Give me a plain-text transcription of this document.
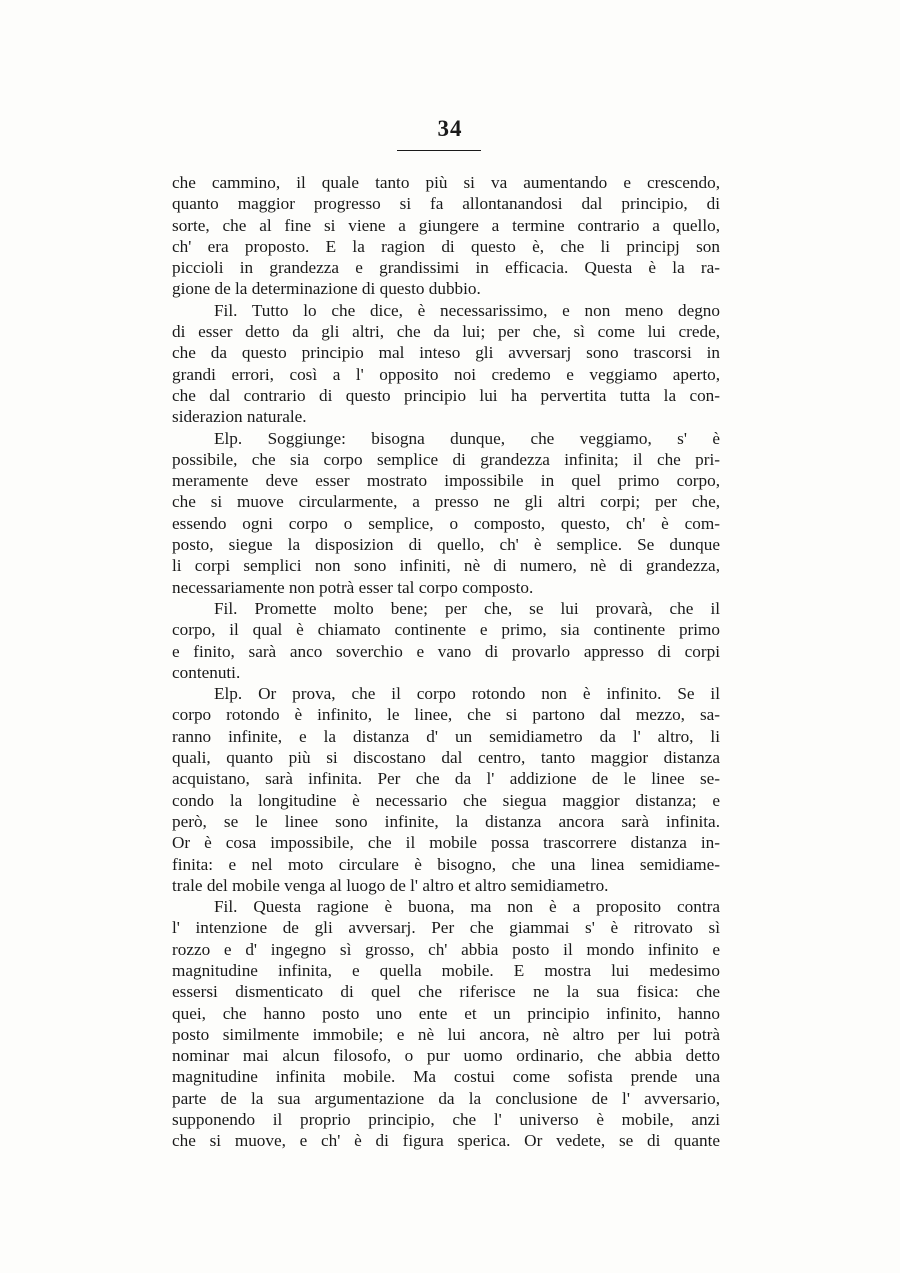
34
che cammino, il quale tanto più si va aumentando e crescendo,
quanto maggior progresso si fa allontanandosi dal principio, di
sorte, che al fine si viene a giungere a termine contrario a quello,
ch' era proposto. E la ragion di questo è, che li principj son
piccioli in grandezza e grandissimi in efficacia. Questa è la ra-
gione de la determinazione di questo dubbio.
Fil. Tutto lo che dice, è necessarissimo, e non meno degno
di esser detto da gli altri, che da lui; per che, sì come lui crede,
che da questo principio mal inteso gli avversarj sono trascorsi in
grandi errori, così a l' opposito noi credemo e veggiamo aperto,
che dal contrario di questo principio lui ha pervertita tutta la con-
siderazion naturale.
Elp. Soggiunge: bisogna dunque, che veggiamo, s' è
possibile, che sia corpo semplice di grandezza infinita; il che pri-
meramente deve esser mostrato impossibile in quel primo corpo,
che si muove circularmente, a presso ne gli altri corpi; per che,
essendo ogni corpo o semplice, o composto, questo, ch' è com-
posto, siegue la disposizion di quello, ch' è semplice. Se dunque
li corpi semplici non sono infiniti, nè di numero, nè di grandezza,
necessariamente non potrà esser tal corpo composto.
Fil. Promette molto bene; per che, se lui provarà, che il
corpo, il qual è chiamato continente e primo, sia continente primo
e finito, sarà anco soverchio e vano di provarlo appresso di corpi
contenuti.
Elp. Or prova, che il corpo rotondo non è infinito. Se il
corpo rotondo è infinito, le linee, che si partono dal mezzo, sa-
ranno infinite, e la distanza d' un semidiametro da l' altro, li
quali, quanto più si discostano dal centro, tanto maggior distanza
acquistano, sarà infinita. Per che da l' addizione de le linee se-
condo la longitudine è necessario che siegua maggior distanza; e
però, se le linee sono infinite, la distanza ancora sarà infinita.
Or è cosa impossibile, che il mobile possa trascorrere distanza in-
finita: e nel moto circulare è bisogno, che una linea semidiame-
trale del mobile venga al luogo de l' altro et altro semidiametro.
Fil. Questa ragione è buona, ma non è a proposito contra
l' intenzione de gli avversarj. Per che giammai s' è ritrovato sì
rozzo e d' ingegno sì grosso, ch' abbia posto il mondo infinito e
magnitudine infinita, e quella mobile. E mostra lui medesimo
essersi dismenticato di quel che riferisce ne la sua fisica: che
quei, che hanno posto uno ente et un principio infinito, hanno
posto similmente immobile; e nè lui ancora, nè altro per lui potrà
nominar mai alcun filosofo, o pur uomo ordinario, che abbia detto
magnitudine infinita mobile. Ma costui come sofista prende una
parte de la sua argumentazione da la conclusione de l' avversario,
supponendo il proprio principio, che l' universo è mobile, anzi
che si muove, e ch' è di figura sperica. Or vedete, se di quante
